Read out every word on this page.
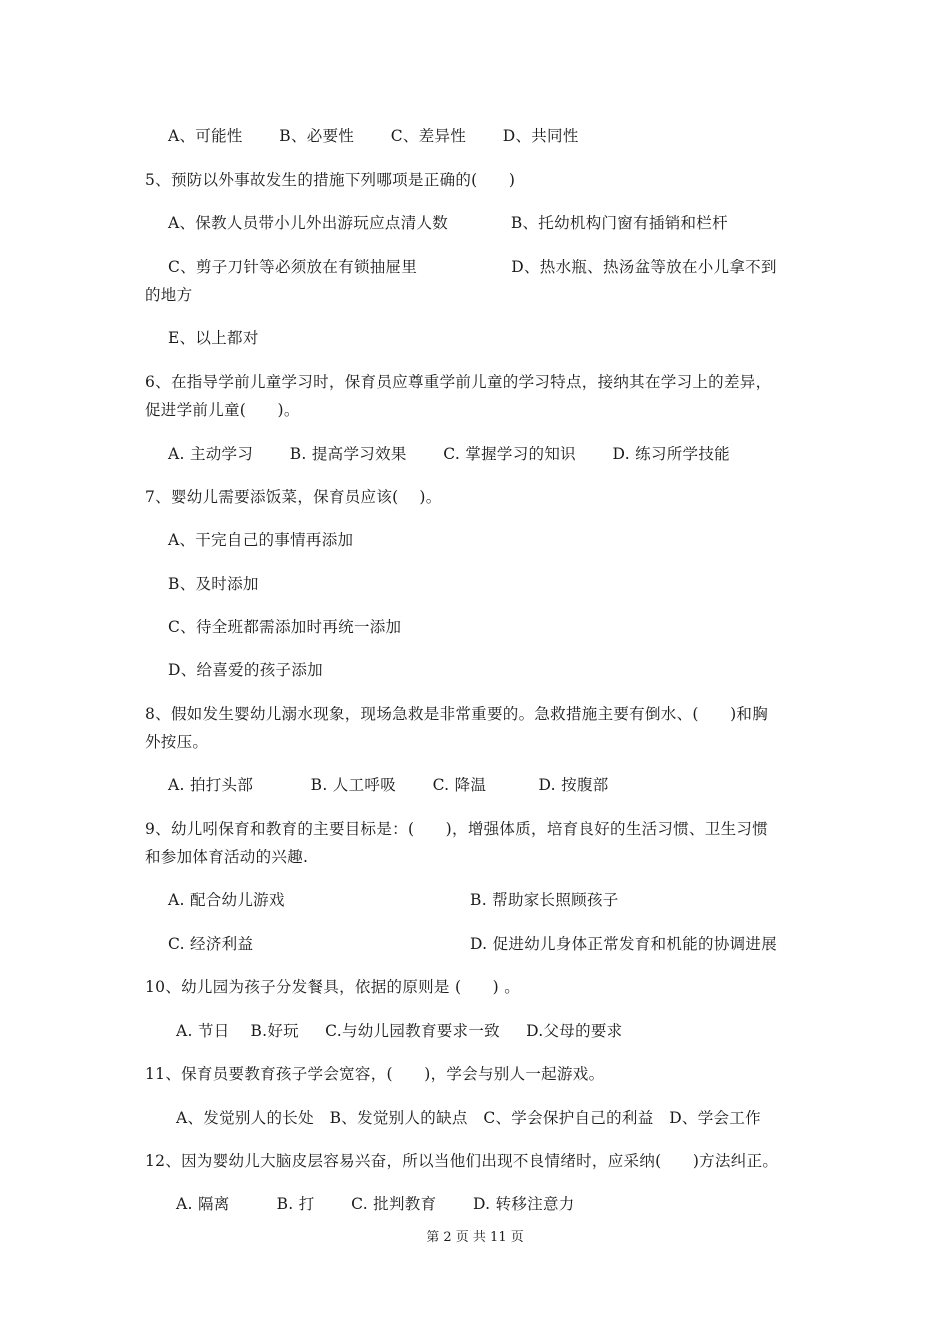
A、可能性       B、必要性       C、差异性       D、共同性
5、预防以外事故发生的措施下列哪项是正确的(      )
A、保教人员带小儿外出游玩应点清人数            B、托幼机构门窗有插销和栏杆
C、剪子刀针等必须放在有锁抽屉里                  D、热水瓶、热汤盆等放在小儿拿不到
的地方
E、以上都对
6、在指导学前儿童学习时，保育员应尊重学前儿童的学习特点，接纳其在学习上的差异，
促进学前儿童(      )。
A. 主动学习       B. 提高学习效果       C. 掌握学习的知识       D. 练习所学技能
7、婴幼儿需要添饭菜，保育员应该(    )。
A、干完自己的事情再添加
B、及时添加
C、待全班都需添加时再统一添加
D、给喜爱的孩子添加
8、假如发生婴幼儿溺水现象，现场急救是非常重要的。急救措施主要有倒水、(      )和胸
外按压。
A. 拍打头部           B. 人工呼吸       C. 降温          D. 按腹部
9、幼儿吲保育和教育的主要目标是：(      )，增强体质，培育良好的生活习惯、卫生习惯
和参加体育活动的兴趣.
A. 配合幼儿游戏	B. 帮助家长照顾孩子
C. 经济利益	D. 促进幼儿身体正常发育和机能的协调进展
10、幼儿园为孩子分发餐具，依据的原则是 (      ) 。
A. 节日    B.好玩     C.与幼儿园教育要求一致     D.父母的要求
11、保育员要教育孩子学会宽容，(      )，学会与别人一起游戏。
A、发觉别人的长处   B、发觉别人的缺点   C、学会保护自己的利益   D、学会工作
12、因为婴幼儿大脑皮层容易兴奋，所以当他们出现不良情绪时，应采纳(      )方法纠正。
A. 隔离         B. 打       C. 批判教育       D. 转移注意力
第 2 页 共 11 页
